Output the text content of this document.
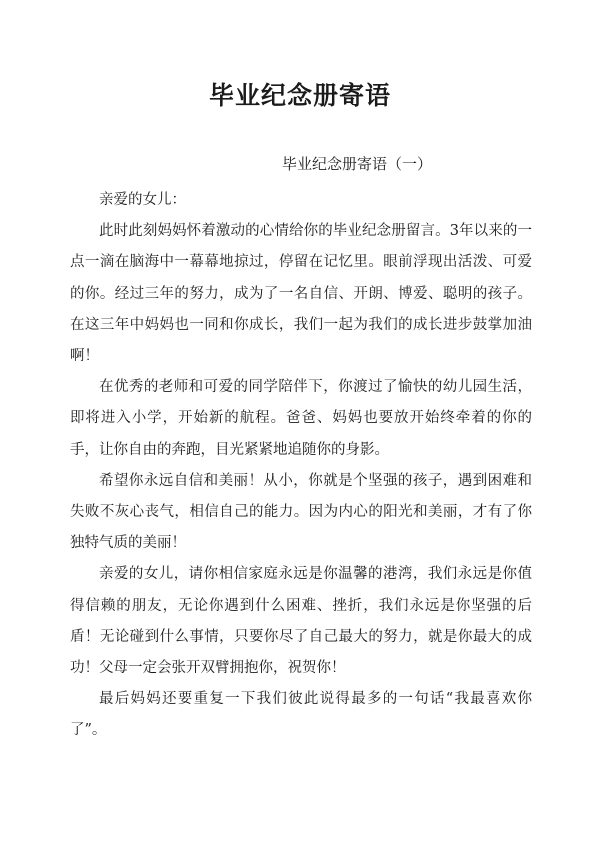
毕业纪念册寄语
毕业纪念册寄语（一）

亲爱的女儿：

此时此刻妈妈怀着激动的心情给你的毕业纪念册留言。3年以来的一点一滴在脑海中一幕幕地掠过，停留在记忆里。眼前浮现出活泼、可爱的你。经过三年的努力，成为了一名自信、开朗、博爱、聪明的孩子。在这三年中妈妈也一同和你成长，我们一起为我们的成长进步鼓掌加油啊！

在优秀的老师和可爱的同学陪伴下，你渡过了愉快的幼儿园生活，即将进入小学，开始新的航程。爸爸、妈妈也要放开始终牵着的你的手，让你自由的奔跑，目光紧紧地追随你的身影。

希望你永远自信和美丽！从小，你就是个坚强的孩子，遇到困难和失败不灰心丧气，相信自己的能力。因为内心的阳光和美丽，才有了你独特气质的美丽！

亲爱的女儿，请你相信家庭永远是你温馨的港湾，我们永远是你值得信赖的朋友，无论你遇到什么困难、挫折，我们永远是你坚强的后盾！无论碰到什么事情，只要你尽了自己最大的努力，就是你最大的成功！父母一定会张开双臂拥抱你，祝贺你！

最后妈妈还要重复一下我们彼此说得最多的一句话“我最喜欢你了”。
